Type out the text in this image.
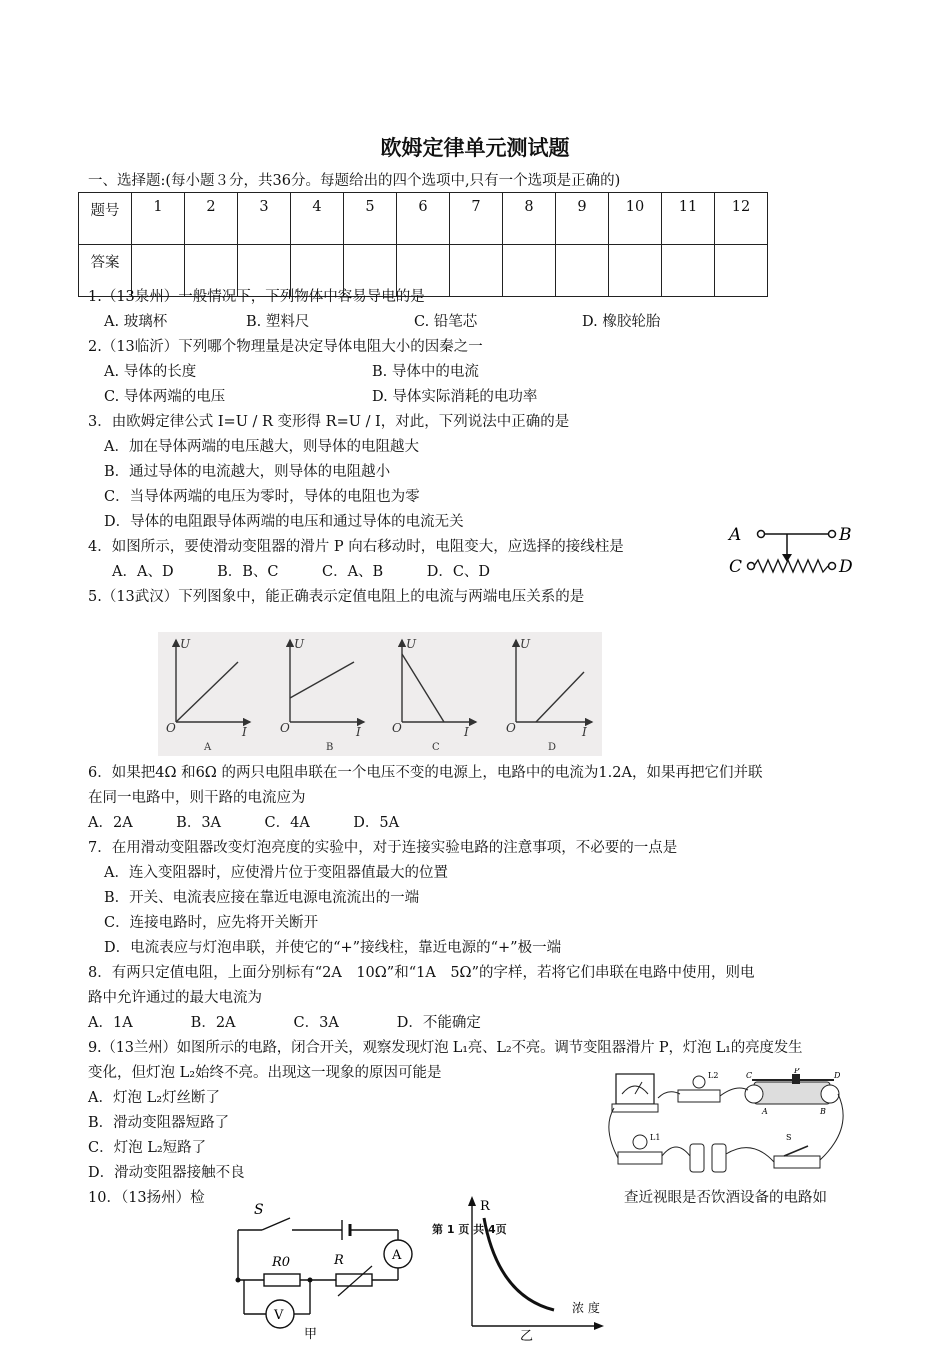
欧姆定律单元测试题
一、选择题:(每小题３分，共36分。每题给出的四个选项中,只有一个选项是正确的)
题号	1	2	3	4	5	6	7	8	9	10	11	12
答案												
1.（13泉州）一般情况下，下列物体中容易导电的是
A. 玻璃杯	B. 塑料尺	C. 铅笔芯	D. 橡胶轮胎
2.（13临沂）下列哪个物理量是决定导体电阻大小的因秦之一
A. 导体的长度	B. 导体中的电流
C. 导体两端的电压	D. 导体实际消耗的电功率
3．由欧姆定律公式 I=U / R 变形得 R=U / I，对此，下列说法中正确的是
A．加在导体两端的电压越大，则导体的电阻越大
B．通过导体的电流越大，则导体的电阻越小
C．当导体两端的电压为零时，导体的电阻也为零
D．导体的电阻跟导体两端的电压和通过导体的电流无关
A	B
C	D
4．如图所示，要使滑动变阻器的滑片 P 向右移动时，电阻变大，应选择的接线柱是
A．A、D　　　B．B、C　　　C．A、B　　　D．C、D
5.（13武汉）下列图象中，能正确表示定值电阻上的电流与两端电压关系的是
U
O	I
A
U
O	I
B
U
O	I
C
U
O	I
D
6．如果把4Ω 和6Ω 的两只电阻串联在一个电压不变的电源上，电路中的电流为1.2A，如果再把它们并联
在同一电路中，则干路的电流应为
A．2A　　　B．3A　　　C．4A　　　D．5A
7．在用滑动变阻器改变灯泡亮度的实验中，对于连接实验电路的注意事项，不必要的一点是
A．连入变阻器时，应使滑片位于变阻器值最大的位置
B．开关、电流表应接在靠近电源电流流出的一端
C．连接电路时，应先将开关断开
D．电流表应与灯泡串联，并使它的“+”接线柱，靠近电源的“+”极一端
8．有两只定值电阻，上面分别标有“2A　10Ω”和“1A　5Ω”的字样，若将它们串联在电路中使用，则电
路中允许通过的最大电流为
A．1A　　　　B．2A　　　　C．3A　　　　D．不能确定
9.（13兰州）如图所示的电路，闭合开关，观察发现灯泡 L₁亮、L₂不亮。调节变阻器滑片 P，灯泡 L₁的亮度发生
变化，但灯泡 L₂始终不亮。出现这一现象的原因可能是
A．灯泡 L₂灯丝断了
B．滑动变阻器短路了
C．灯泡 L₂短路了
D．滑动变阻器接触不良
L2
P
C	D
A	B
L1	S
10．（13扬州）检	查近视眼是否饮酒设备的电路如
S
A
R0	R
V
甲
R
浓 度
乙
第 1 页 共 4页
